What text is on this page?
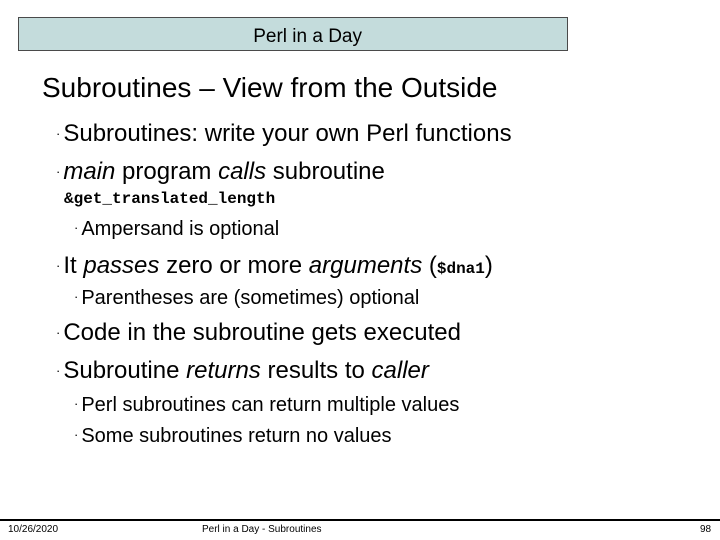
Perl in a Day
Subroutines – View from the Outside
· Subroutines: write your own Perl functions
· main program calls subroutine
&get_translated_length
· Ampersand is optional
· It passes zero or more arguments ($dna1)
· Parentheses are (sometimes) optional
· Code in the subroutine gets executed
· Subroutine returns results to caller
· Perl subroutines can return multiple values
· Some subroutines return no values
10/26/2020	Perl in a Day - Subroutines	98
